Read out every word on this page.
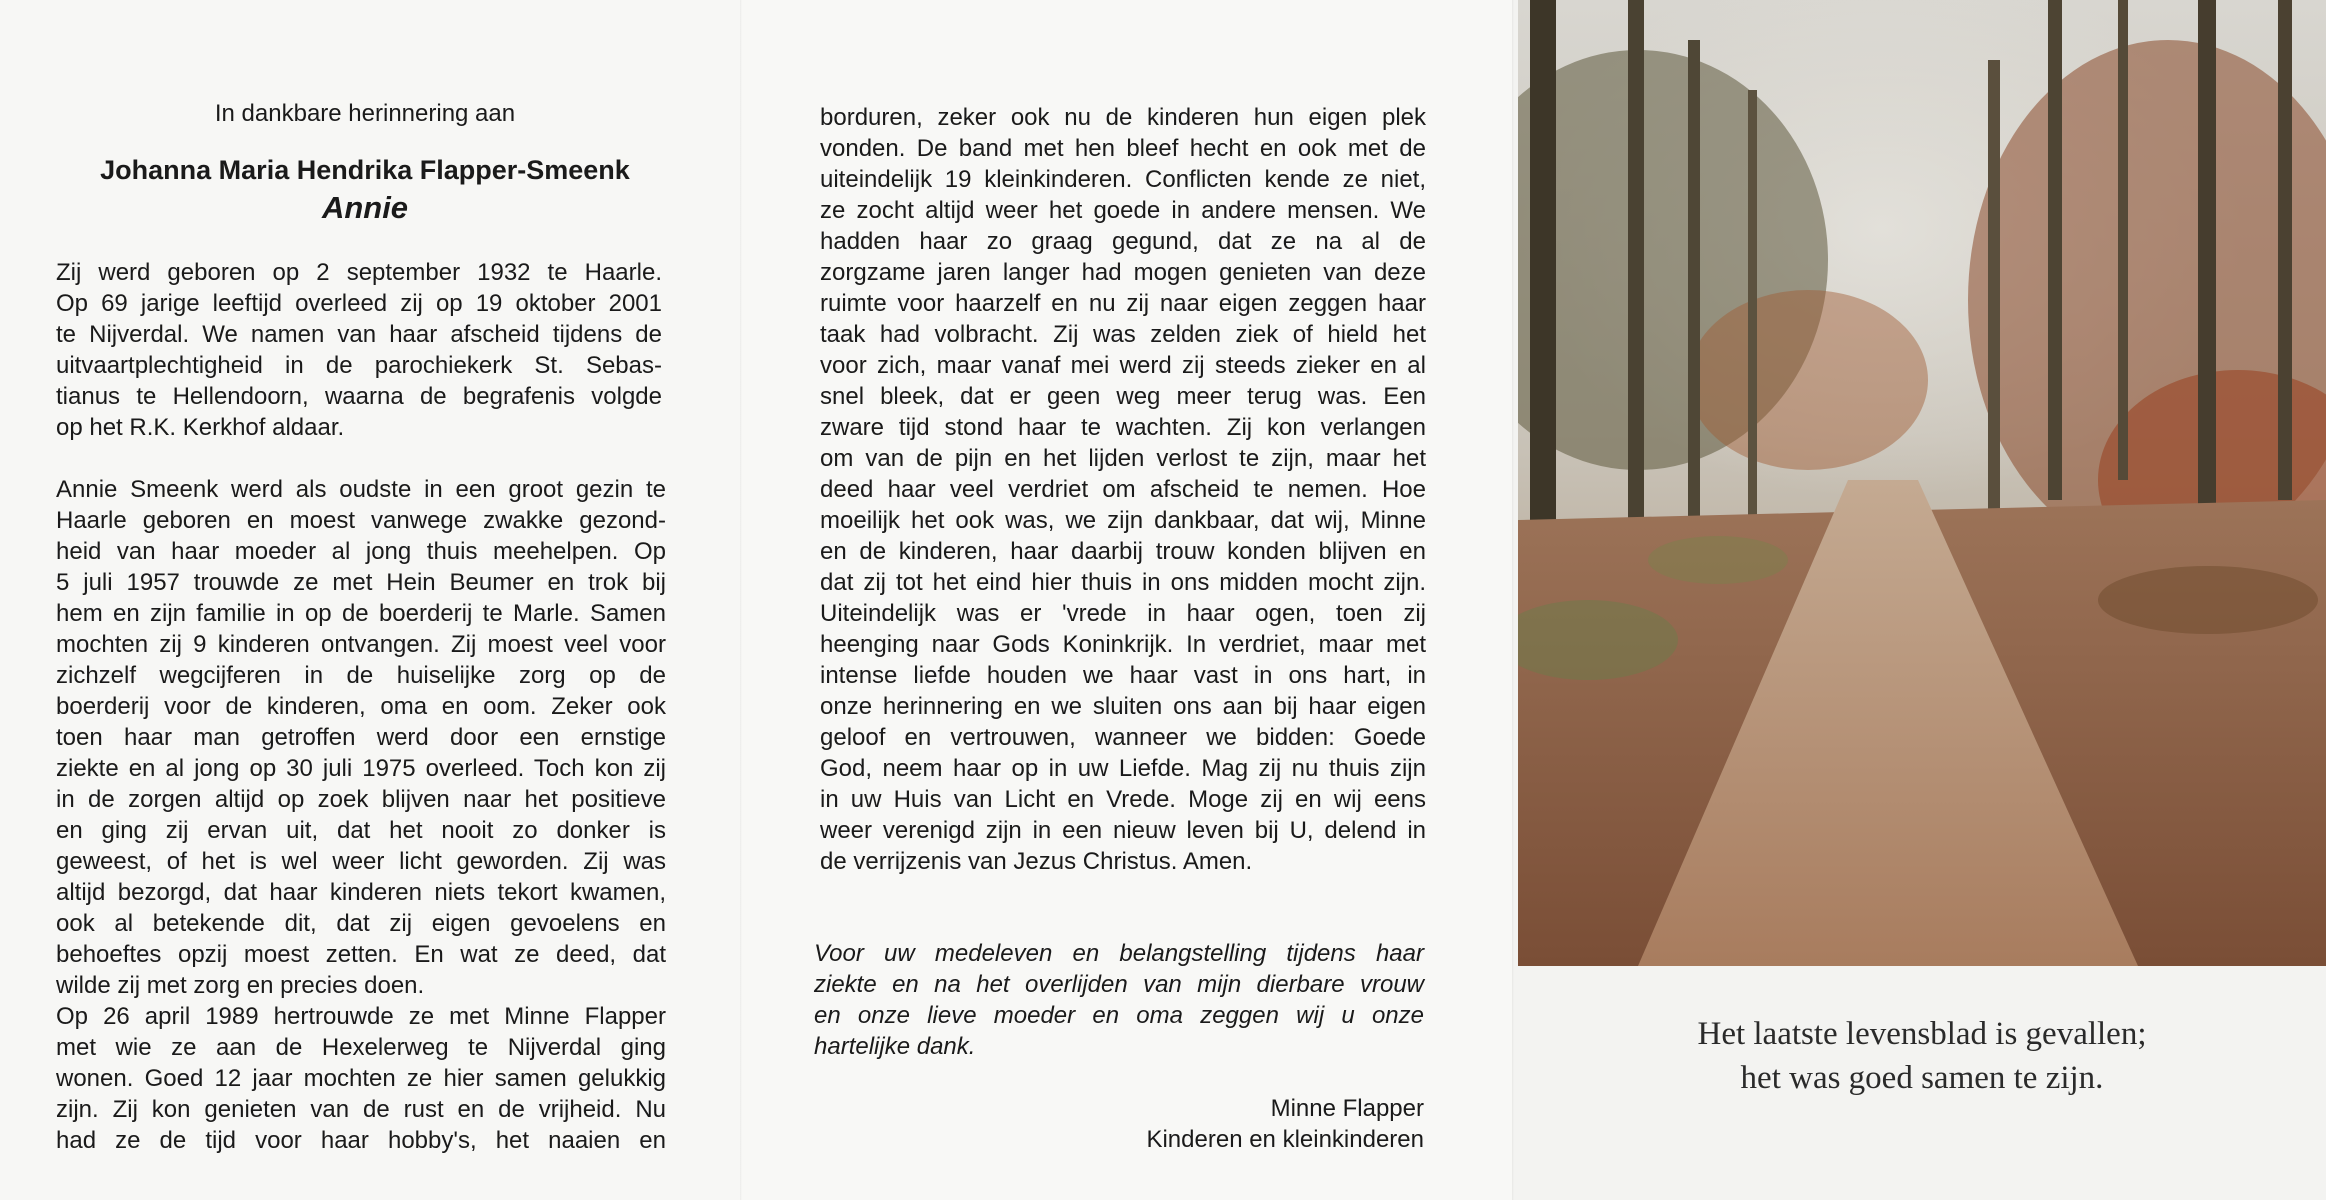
In dankbare herinnering aan
Johanna Maria Hendrika Flapper-Smeenk
Annie
Zij werd geboren op 2 september 1932 te Haarle.
Op 69 jarige leeftijd overleed zij op 19 oktober 2001
te Nijverdal. We namen van haar afscheid tijdens de
uitvaartplechtigheid in de parochiekerk St. Sebas-
tianus te Hellendoorn, waarna de begrafenis volgde
op het R.K. Kerkhof aldaar.
Annie Smeenk werd als oudste in een groot gezin te
Haarle geboren en moest vanwege zwakke gezond-
heid van haar moeder al jong thuis meehelpen. Op
5 juli 1957 trouwde ze met Hein Beumer en trok bij
hem en zijn familie in op de boerderij te Marle. Samen
mochten zij 9 kinderen ontvangen. Zij moest veel voor
zichzelf wegcijferen in de huiselijke zorg op de
boerderij voor de kinderen, oma en oom. Zeker ook
toen haar man getroffen werd door een ernstige
ziekte en al jong op 30 juli 1975 overleed. Toch kon zij
in de zorgen altijd op zoek blijven naar het positieve
en ging zij ervan uit, dat het nooit zo donker is
geweest, of het is wel weer licht geworden. Zij was
altijd bezorgd, dat haar kinderen niets tekort kwamen,
ook al betekende dit, dat zij eigen gevoelens en
behoeftes opzij moest zetten. En wat ze deed, dat
wilde zij met zorg en precies doen.
Op 26 april 1989 hertrouwde ze met Minne Flapper
met wie ze aan de Hexelerweg te Nijverdal ging
wonen. Goed 12 jaar mochten ze hier samen gelukkig
zijn. Zij kon genieten van de rust en de vrijheid. Nu
had ze de tijd voor haar hobby's, het naaien en
borduren, zeker ook nu de kinderen hun eigen plek
vonden. De band met hen bleef hecht en ook met de
uiteindelijk 19 kleinkinderen. Conflicten kende ze niet,
ze zocht altijd weer het goede in andere mensen. We
hadden haar zo graag gegund, dat ze na al de
zorgzame jaren langer had mogen genieten van deze
ruimte voor haarzelf en nu zij naar eigen zeggen haar
taak had volbracht. Zij was zelden ziek of hield het
voor zich, maar vanaf mei werd zij steeds zieker en al
snel bleek, dat er geen weg meer terug was. Een
zware tijd stond haar te wachten. Zij kon verlangen
om van de pijn en het lijden verlost te zijn, maar het
deed haar veel verdriet om afscheid te nemen. Hoe
moeilijk het ook was, we zijn dankbaar, dat wij, Minne
en de kinderen, haar daarbij trouw konden blijven en
dat zij tot het eind hier thuis in ons midden mocht zijn.
Uiteindelijk was er 'vrede in haar ogen, toen zij
heenging naar Gods Koninkrijk. In verdriet, maar met
intense liefde houden we haar vast in ons hart, in
onze herinnering en we sluiten ons aan bij haar eigen
geloof en vertrouwen, wanneer we bidden: Goede
God, neem haar op in uw Liefde. Mag zij nu thuis zijn
in uw Huis van Licht en Vrede. Moge zij en wij eens
weer verenigd zijn in een nieuw leven bij U, delend in
de verrijzenis van Jezus Christus. Amen.
Voor uw medeleven en belangstelling tijdens haar
ziekte en na het overlijden van mijn dierbare vrouw
en onze lieve moeder en oma zeggen wij u onze
hartelijke dank.
Minne Flapper
Kinderen en kleinkinderen
Het laatste levensblad is gevallen;
het was goed samen te zijn.
